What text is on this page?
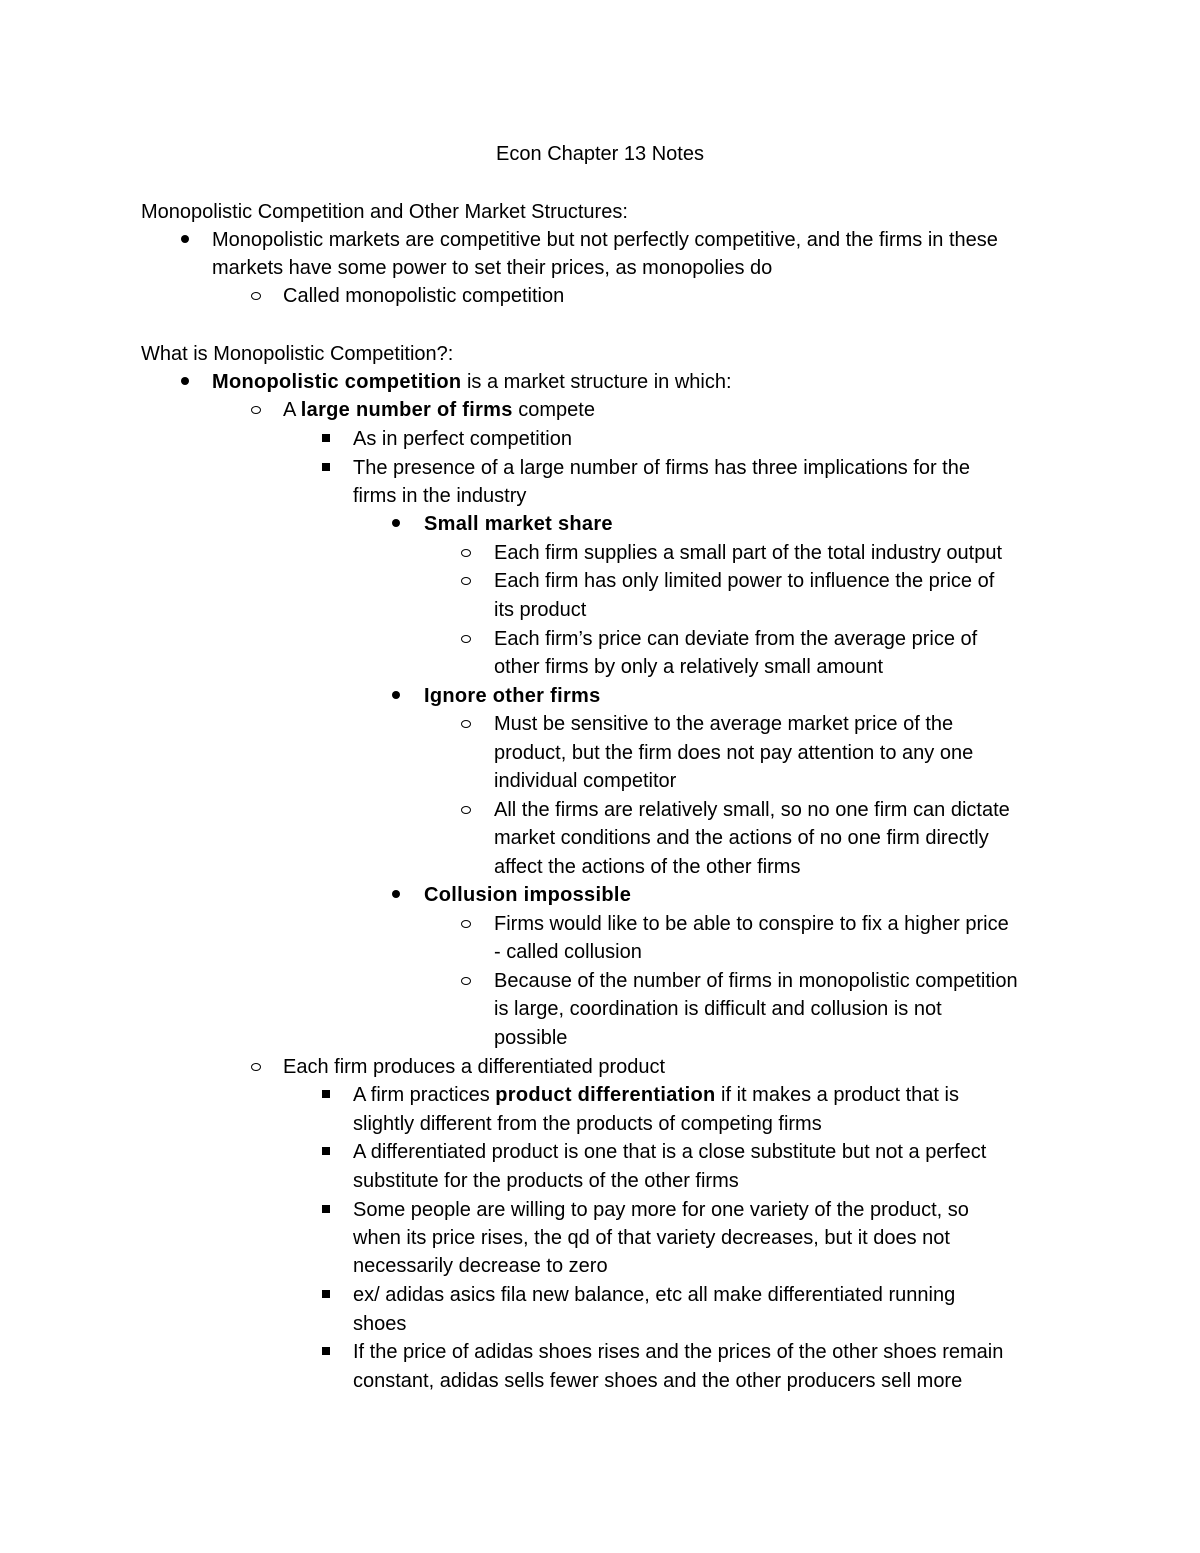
Econ Chapter 13 Notes
Monopolistic Competition and Other Market Structures:
Monopolistic markets are competitive but not perfectly competitive, and the firms in these
markets have some power to set their prices, as monopolies do
Called monopolistic competition
What is Monopolistic Competition?:
Monopolistic competition is a market structure in which:
A large number of firms compete
As in perfect competition
The presence of a large number of firms has three implications for the
firms in the industry
Small market share
Each firm supplies a small part of the total industry output
Each firm has only limited power to influence the price of
its product
Each firm’s price can deviate from the average price of
other firms by only a relatively small amount
Ignore other firms
Must be sensitive to the average market price of the
product, but the firm does not pay attention to any one
individual competitor
All the firms are relatively small, so no one firm can dictate
market conditions and the actions of no one firm directly
affect the actions of the other firms
Collusion impossible
Firms would like to be able to conspire to fix a higher price
- called collusion
Because of the number of firms in monopolistic competition
is large, coordination is difficult and collusion is not
possible
Each firm produces a differentiated product
A firm practices product differentiation if it makes a product that is
slightly different from the products of competing firms
A differentiated product is one that is a close substitute but not a perfect
substitute for the products of the other firms
Some people are willing to pay more for one variety of the product, so
when its price rises, the qd of that variety decreases, but it does not
necessarily decrease to zero
ex/ adidas asics fila new balance, etc all make differentiated running
shoes
If the price of adidas shoes rises and the prices of the other shoes remain
constant, adidas sells fewer shoes and the other producers sell more
